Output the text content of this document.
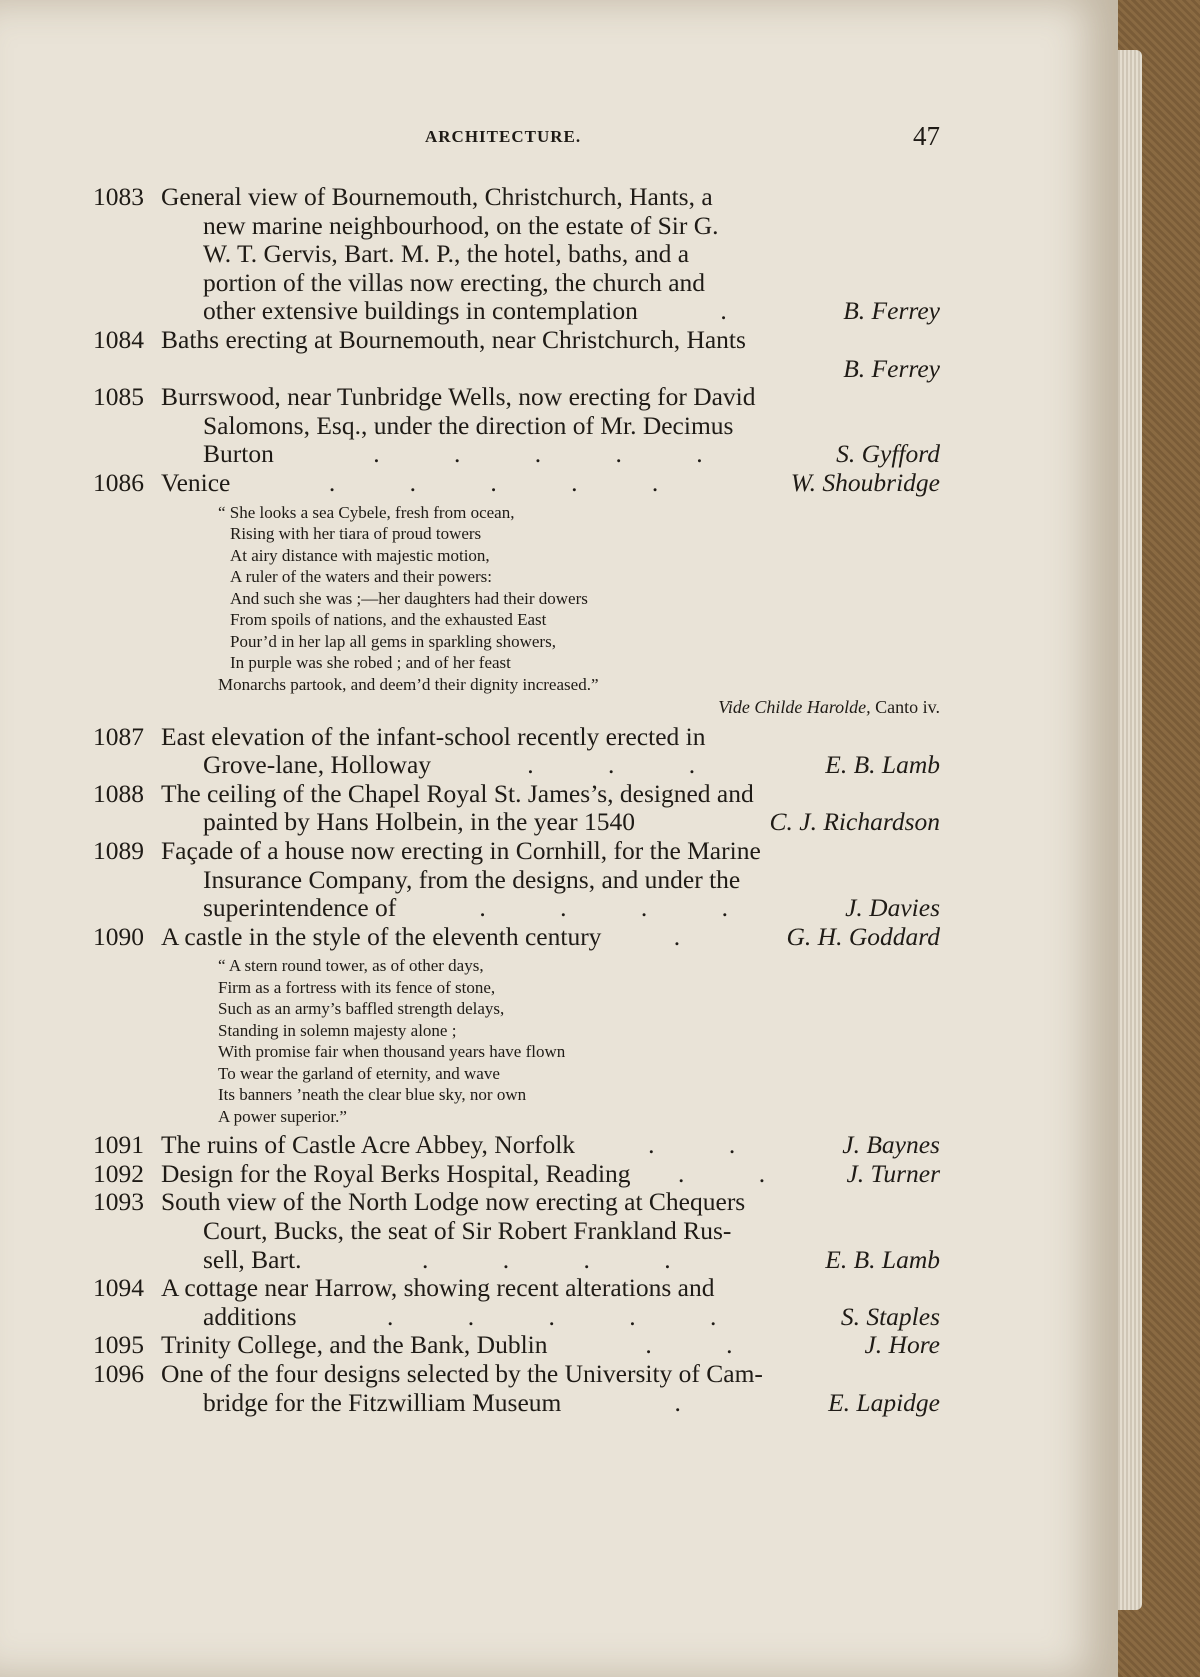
ARCHITECTURE.	47
1083 General view of Bournemouth, Christchurch, Hants, a
new marine neighbourhood, on the estate of Sir G.
W. T. Gervis, Bart. M. P., the hotel, baths, and a
portion of the villas now erecting, the church and
other extensive buildings in contemplation	.	B. Ferrey
1084 Baths erecting at Bournemouth, near Christchurch, Hants
B. Ferrey
1085 Burrswood, near Tunbridge Wells, now erecting for David
Salomons, Esq., under the direction of Mr. Decimus
Burton	. . . . .	S. Gyfford
1086 Venice	. . . . .	W. Shoubridge
“ She looks a sea Cybele, fresh from ocean,
Rising with her tiara of proud towers
At airy distance with majestic motion,
A ruler of the waters and their powers:
And such she was ;—her daughters had their dowers
From spoils of nations, and the exhausted East
Pour’d in her lap all gems in sparkling showers,
In purple was she robed ; and of her feast
Monarchs partook, and deem’d their dignity increased.”
Vide Childe Harolde, Canto iv.
1087 East elevation of the infant-school recently erected in
Grove-lane, Holloway	. . .	E. B. Lamb
1088 The ceiling of the Chapel Royal St. James’s, designed and
painted by Hans Holbein, in the year 1540	C. J. Richardson
1089 Façade of a house now erecting in Cornhill, for the Marine
Insurance Company, from the designs, and under the
superintendence of	. . . .	J. Davies
1090 A castle in the style of the eleventh century	.	G. H. Goddard
“ A stern round tower, as of other days,
Firm as a fortress with its fence of stone,
Such as an army’s baffled strength delays,
Standing in solemn majesty alone ;
With promise fair when thousand years have flown
To wear the garland of eternity, and wave
Its banners ’neath the clear blue sky, nor own
A power superior.”
1091 The ruins of Castle Acre Abbey, Norfolk	. .	J. Baynes
1092 Design for the Royal Berks Hospital, Reading	. .	J. Turner
1093 South view of the North Lodge now erecting at Chequers
Court, Bucks, the seat of Sir Robert Frankland Rus-
sell, Bart.	. . . .	E. B. Lamb
1094 A cottage near Harrow, showing recent alterations and
additions	. . . . .	S. Staples
1095 Trinity College, and the Bank, Dublin	. .	J. Hore
1096 One of the four designs selected by the University of Cam-
bridge for the Fitzwilliam Museum	.	E. Lapidge
